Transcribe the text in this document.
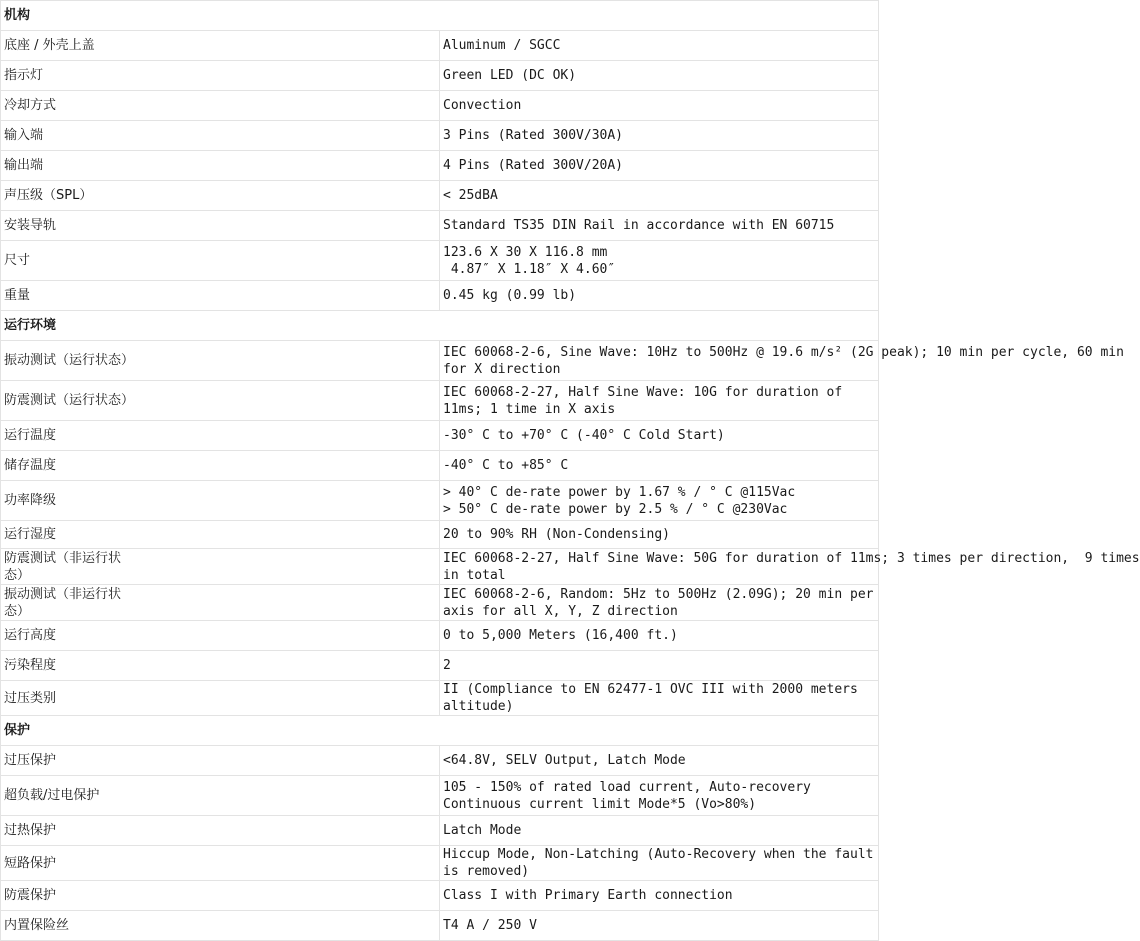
机构	
底座 / 外壳上盖	Aluminum / SGCC
指示灯	Green LED (DC OK)
冷却方式	Convection
输入端	3 Pins (Rated 300V/30A)
输出端	4 Pins (Rated 300V/20A)
声压级（SPL）	< 25dBA
安装导轨	Standard TS35 DIN Rail in accordance with EN 60715
尺寸	123.6 X 30 X 116.8 mm
4.87″ X 1.18″ X 4.60″

重量	0.45 kg (0.99 lb)
运行环境	
振动测试（运行状态）	IEC 60068-2-6, Sine Wave: 10Hz to 500Hz @ 19.6 m/s² (2G peak); 10 min per cycle, 60 min
for X direction

防震测试（运行状态）	IEC 60068-2-27, Half Sine Wave: 10G for duration of 11ms; 1 time in X axis
运行温度	-30° C to +70° C (-40° C Cold Start)
储存温度	-40° C to +85° C
功率降级	> 40° C de-rate power by 1.67 % / ° C @115Vac
> 50° C de-rate power by 2.5 % / ° C @230Vac

运行湿度	20 to 90% RH (Non-Condensing)

防震测试（非运行状
态）	IEC 60068-2-27, Half Sine Wave: 50G for duration of 11ms; 3 times per direction,  9 times
in total

振动测试（非运行状
态）	IEC 60068-2-6, Random: 5Hz to 500Hz (2.09G); 20 min per axis for all X, Y, Z direction
运行高度	0 to 5,000 Meters (16,400 ft.)
污染程度	2
过压类别	II (Compliance to EN 62477-1 OVC III with 2000 meters altitude)
保护	
过压保护	<64.8V, SELV Output, Latch Mode
超负载/过电保护	105 - 150% of rated load current, Auto-recovery
Continuous current limit Mode*5 (Vo>80%)

过热保护	Latch Mode
短路保护	Hiccup Mode, Non-Latching (Auto-Recovery when the fault is removed)
防震保护	Class I with Primary Earth connection
内置保险丝	T4 A / 250 V
